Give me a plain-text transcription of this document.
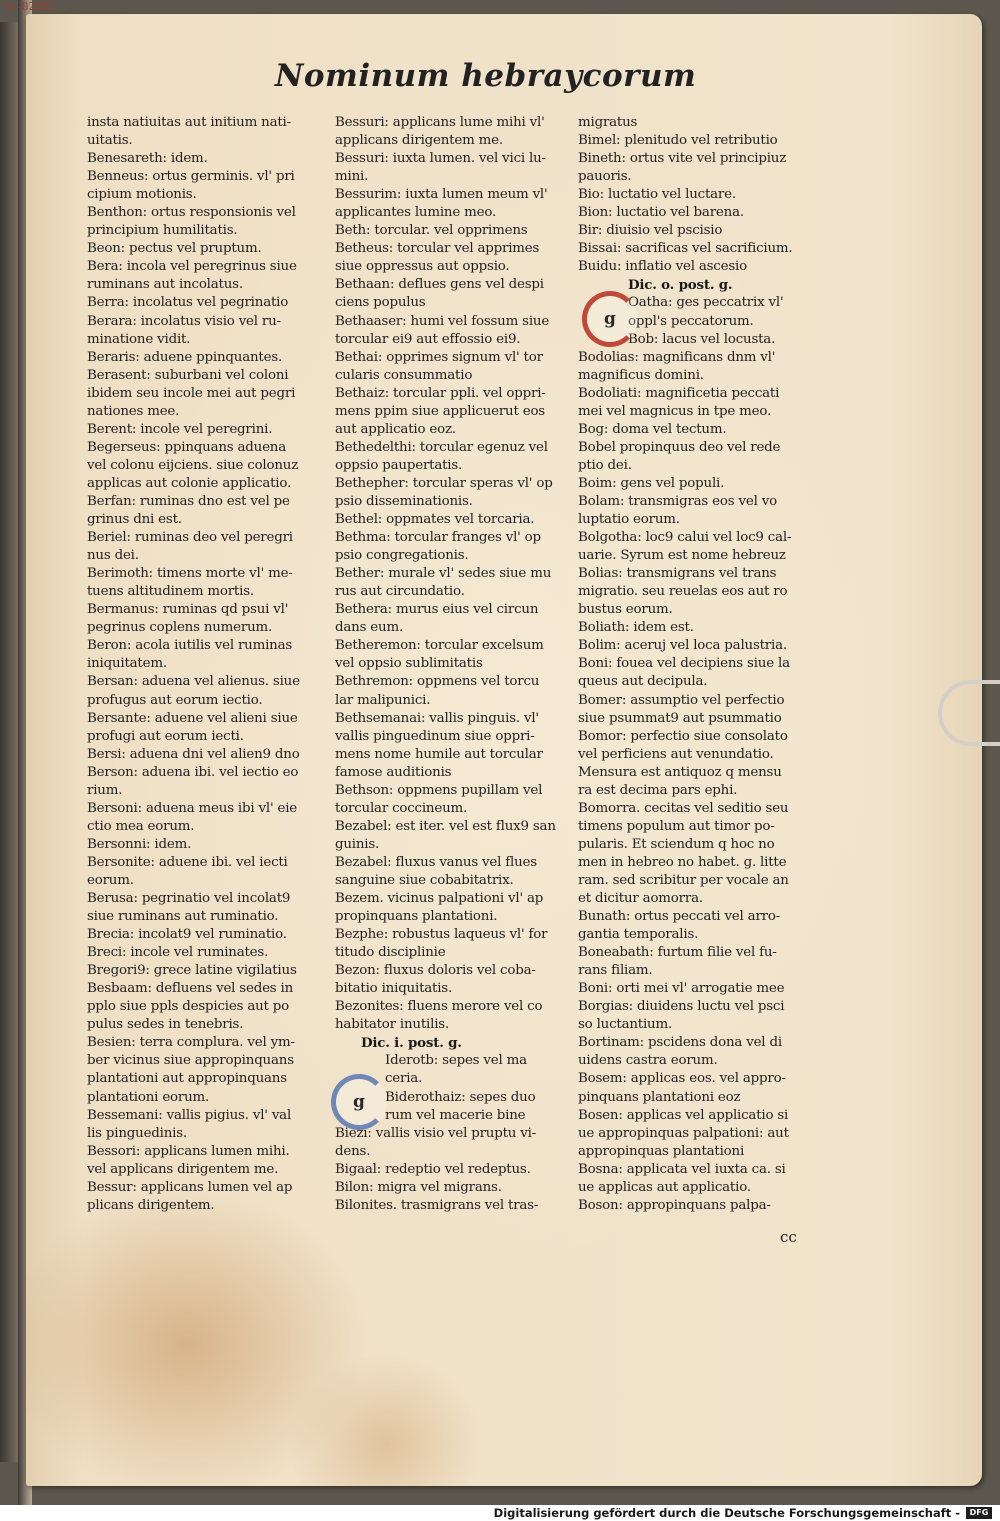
hv-02202
Nominum hebraycorum
insta natiuitas aut initium nati-
uitatis.
Benesareth: idem.
Benneus: ortus germinis. vl' pri
cipium motionis.
Benthon: ortus responsionis vel
principium humilitatis.
Beon: pectus vel pruptum.
Bera: incola vel peregrinus siue
ruminans aut incolatus.
Berra: incolatus vel pegrinatio
Berara: incolatus visio vel ru-
minatione vidit.
Beraris: aduene ppinquantes.
Berasent: suburbani vel coloni
ibidem seu incole mei aut pegri
nationes mee.
Berent: incole vel peregrini.
Begerseus: ppinquans aduena
vel colonu eijciens. siue colonuz
applicas aut colonie applicatio.
Berfan: ruminas dno est vel pe
grinus dni est.
Beriel: ruminas deo vel peregri
nus dei.
Berimoth: timens morte vl' me-
tuens altitudinem mortis.
Bermanus: ruminas qd psui vl'
pegrinus coplens numerum.
Beron: acola iutilis vel ruminas
iniquitatem.
Bersan: aduena vel alienus. siue
profugus aut eorum iectio.
Bersante: aduene vel alieni siue
profugi aut eorum iecti.
Bersi: aduena dni vel alien9 dno
Berson: aduena ibi. vel iectio eo
rium.
Bersoni: aduena meus ibi vl' eie
ctio mea eorum.
Bersonni: idem.
Bersonite: aduene ibi. vel iecti
eorum.
Berusa: pegrinatio vel incolat9
siue ruminans aut ruminatio.
Brecia: incolat9 vel ruminatio.
Breci: incole vel ruminates.
Bregori9: grece latine vigilatius
Besbaam: defluens vel sedes in
pplo siue ppls despicies aut po
pulus sedes in tenebris.
Besien: terra complura. vel ym-
ber vicinus siue appropinquans
plantationi aut appropinquans
plantationi eorum.
Bessemani: vallis pigius. vl' val
lis pinguedinis.
Bessori: applicans lumen mihi.
vel applicans dirigentem me.
Bessur: applicans lumen vel ap
plicans dirigentem.
Bessuri: applicans lume mihi vl'
applicans dirigentem me.
Bessuri: iuxta lumen. vel vici lu-
mini.
Bessurim: iuxta lumen meum vl'
applicantes lumine meo.
Beth: torcular. vel opprimens
Betheus: torcular vel apprimes
siue oppressus aut oppsio.
Bethaan: deflues gens vel despi
ciens populus
Bethaaser: humi vel fossum siue
torcular ei9 aut effossio ei9.
Bethai: opprimes signum vl' tor
cularis consummatio
Bethaiz: torcular ppli. vel oppri-
mens ppim siue applicuerut eos
aut applicatio eoz.
Bethedelthi: torcular egenuz vel
oppsio paupertatis.
Bethepher: torcular speras vl' op
psio disseminationis.
Bethel: oppmates vel torcaria.
Bethma: torcular franges vl' op
psio congregationis.
Bether: murale vl' sedes siue mu
rus aut circundatio.
Bethera: murus eius vel circun
dans eum.
Betheremon: torcular excelsum
vel oppsio sublimitatis
Bethremon: oppmens vel torcu
lar malipunici.
Bethsemanai: vallis pinguis. vl'
vallis pinguedinum siue oppri-
mens nome humile aut torcular
famose auditionis
Bethson: oppmens pupillam vel
torcular coccineum.
Bezabel: est iter. vel est flux9 san
guinis.
Bezabel: fluxus vanus vel flues
sanguine siue cobabitatrix.
Bezem. vicinus palpationi vl' ap
propinquans plantationi.
Bezphe: robustus laqueus vl' for
titudo disciplinie
Bezon: fluxus doloris vel coba-
bitatio iniquitatis.
Bezonites: fluens merore vel co
habitator inutilis.
Dic. i. post. g.
Iderotb: sepes vel ma
ceria.
Biderothaiz: sepes duo
rum vel macerie bine
Biezi: vallis visio vel pruptu vi-
dens.
Bigaal: redeptio vel redeptus.
Bilon: migra vel migrans.
Bilonites. trasmigrans vel tras-
migratus
Bimel: plenitudo vel retributio
Bineth: ortus vite vel principiuz
pauoris.
Bio: luctatio vel luctare.
Bion: luctatio vel barena.
Bir: diuisio vel pscisio
Bissai: sacrificas vel sacrificium.
Buidu: inflatio vel ascesio
Dic. o. post. g.
Oatha: ges peccatrix vl'
oppl's peccatorum.
Bob: lacus vel locusta.
Bodolias: magnificans dnm vl'
magnificus domini.
Bodoliati: magnificetia peccati
mei vel magnicus in tpe meo.
Bog: doma vel tectum.
Bobel propinquus deo vel rede
ptio dei.
Boim: gens vel populi.
Bolam: transmigras eos vel vo
luptatio eorum.
Bolgotha: loc9 calui vel loc9 cal-
uarie. Syrum est nome hebreuz
Bolias: transmigrans vel trans
migratio. seu reuelas eos aut ro
bustus eorum.
Boliath: idem est.
Bolim: aceruj vel loca palustria.
Boni: fouea vel decipiens siue la
queus aut decipula.
Bomer: assumptio vel perfectio
siue psummat9 aut psummatio
Bomor: perfectio siue consolato
vel perficiens aut venundatio.
Mensura est antiquoz q mensu
ra est decima pars ephi.
Bomorra. cecitas vel seditio seu
timens populum aut timor po-
pularis. Et sciendum q hoc no
men in hebreo no habet. g. litte
ram. sed scribitur per vocale an
et dicitur aomorra.
Bunath: ortus peccati vel arro-
gantia temporalis.
Boneabath: furtum filie vel fu-
rans filiam.
Boni: orti mei vl' arrogatie mee
Borgias: diuidens luctu vel psci
so luctantium.
Bortinam: pscidens dona vel di
uidens castra eorum.
Bosem: applicas eos. vel appro-
pinquans plantationi eoz
Bosen: applicas vel applicatio si
ue appropinquas palpationi: aut
appropinquas plantationi
Bosna: applicata vel iuxta ca. si
ue applicas aut applicatio.
Boson: appropinquans palpa-
g
g
cc
Digitalisierung gefördert durch die Deutsche Forschungsgemeinschaft -	DFG
